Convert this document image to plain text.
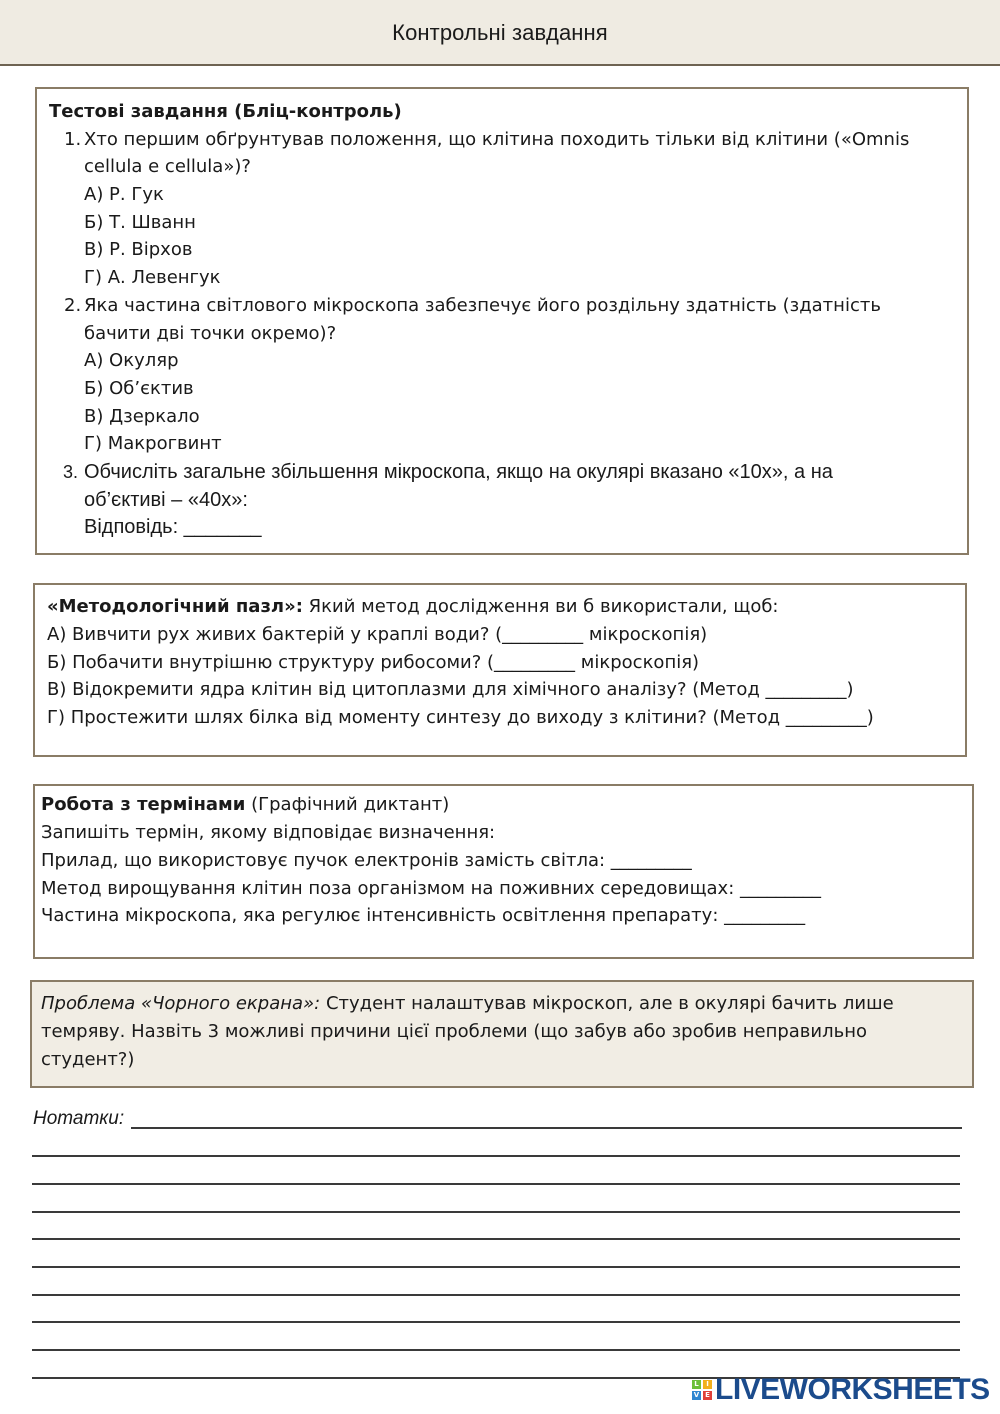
Контрольні завдання
Тестові завдання (Бліц-контроль)
1. Хто першим обґрунтував положення, що клітина походить тільки від клітини («Omnis
cellula e cellula»)?
А) Р. Гук
Б) Т. Шванн
В) Р. Вірхов
Г) А. Левенгук
2. Яка частина світлового мікроскопа забезпечує його роздільну здатність (здатність
бачити дві точки окремо)?
А) Окуляр
Б) Об’єктив
В) Дзеркало
Г) Макрогвинт
3. Обчисліть загальне збільшення мікроскопа, якщо на окулярі вказано «10х», а на
об’єктиві – «40х»:
Відповідь: _______
«Методологічний пазл»: Який метод дослідження ви б використали, щоб:
А) Вивчити рух живих бактерій у краплі води? (_________ мікроскопія)
Б) Побачити внутрішню структуру рибосоми? (_________ мікроскопія)
В) Відокремити ядра клітин від цитоплазми для хімічного аналізу? (Метод _________)
Г) Простежити шлях білка від моменту синтезу до виходу з клітини? (Метод _________)
Робота з термінами (Графічний диктант)
Запишіть термін, якому відповідає визначення:
Прилад, що використовує пучок електронів замість світла: _________
Метод вирощування клітин поза організмом на поживних середовищах: _________
Частина мікроскопа, яка регулює інтенсивність освітлення препарату: _________
Проблема «Чорного екрана»: Студент налаштував мікроскоп, але в окулярі бачить лише
темряву. Назвіть 3 можливі причини цієї проблеми (що забув або зробив неправильно
студент?)
Нотатки:
L	I
V E LIVEWORKSHEETS
